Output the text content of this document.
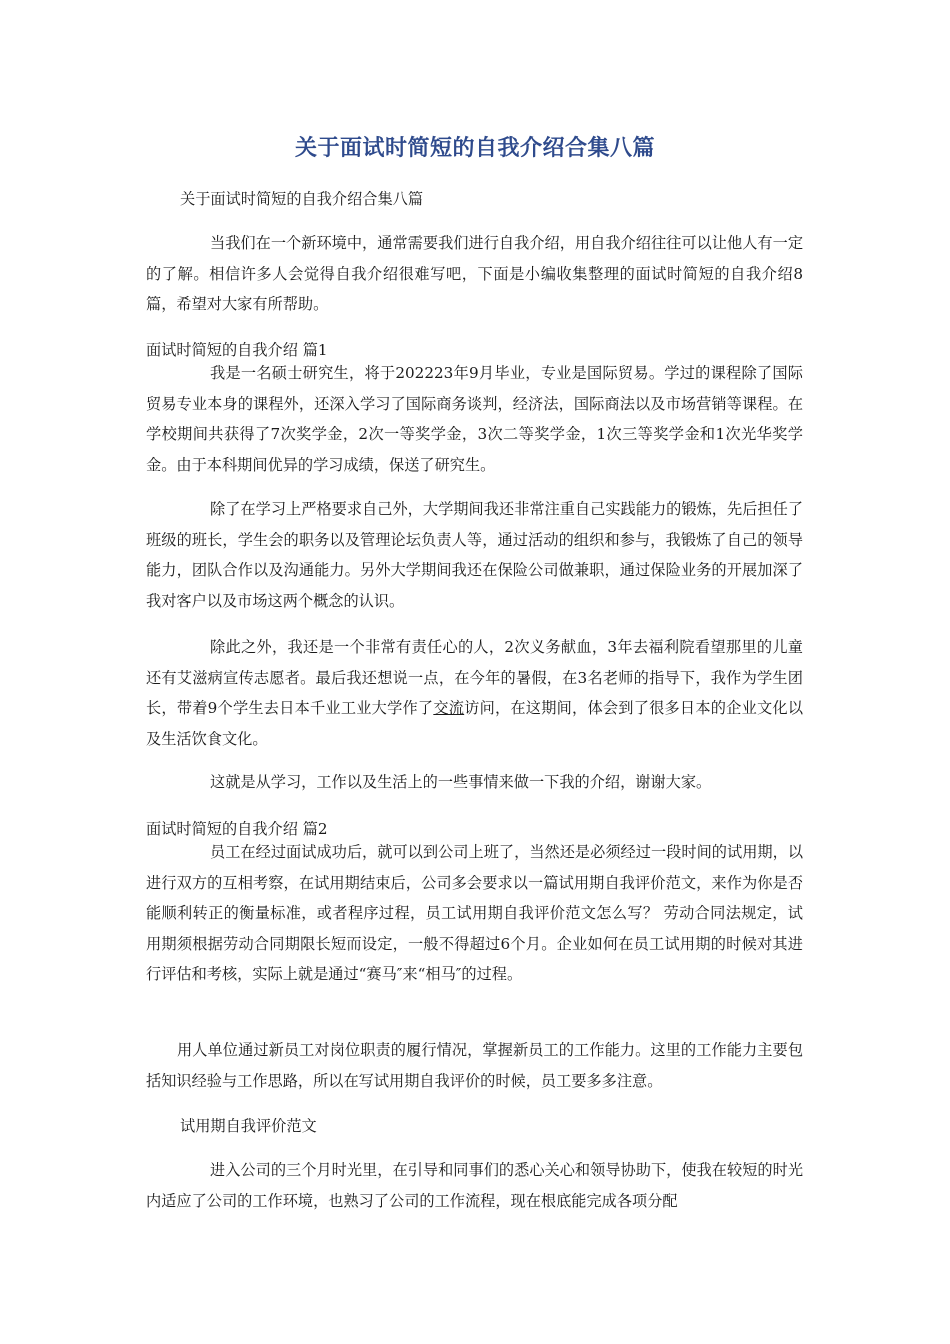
关于面试时简短的自我介绍合集八篇
关于面试时简短的自我介绍合集八篇

当我们在一个新环境中，通常需要我们进行自我介绍，用自我介绍往往可以让他人有一定的了解。相信许多人会觉得自我介绍很难写吧，下面是小编收集整理的面试时简短的自我介绍8篇，希望对大家有所帮助。

面试时简短的自我介绍 篇1

我是一名硕士研究生，将于202223年9月毕业，专业是国际贸易。学过的课程除了国际贸易专业本身的课程外，还深入学习了国际商务谈判，经济法，国际商法以及市场营销等课程。在学校期间共获得了7次奖学金，2次一等奖学金，3次二等奖学金，1次三等奖学金和1次光华奖学金。由于本科期间优异的学习成绩，保送了研究生。

除了在学习上严格要求自己外，大学期间我还非常注重自己实践能力的锻炼，先后担任了班级的班长，学生会的职务以及管理论坛负责人等，通过活动的组织和参与，我锻炼了自己的领导能力，团队合作以及沟通能力。另外大学期间我还在保险公司做兼职，通过保险业务的开展加深了我对客户以及市场这两个概念的认识。

除此之外，我还是一个非常有责任心的人，2次义务献血，3年去福利院看望那里的儿童还有艾滋病宣传志愿者。最后我还想说一点，在今年的暑假，在3名老师的指导下，我作为学生团长，带着9个学生去日本千业工业大学作了交流访问，在这期间，体会到了很多日本的企业文化以及生活饮食文化。

这就是从学习，工作以及生活上的一些事情来做一下我的介绍，谢谢大家。

面试时简短的自我介绍 篇2

员工在经过面试成功后，就可以到公司上班了，当然还是必须经过一段时间的试用期，以进行双方的互相考察，在试用期结束后，公司多会要求以一篇试用期自我评价范文，来作为你是否能顺利转正的衡量标准，或者程序过程，员工试用期自我评价范文怎么写？ 劳动合同法规定，试用期须根据劳动合同期限长短而设定，一般不得超过6个月。企业如何在员工试用期的时候对其进行评估和考核，实际上就是通过“赛马″来“相马″的过程。

用人单位通过新员工对岗位职责的履行情况，掌握新员工的工作能力。这里的工作能力主要包括知识经验与工作思路，所以在写试用期自我评价的时候，员工要多多注意。

试用期自我评价范文

进入公司的三个月时光里，在引导和同事们的悉心关心和领导协助下，使我在较短的时光内适应了公司的工作环境，也熟习了公司的工作流程，现在根底能完成各项分配
